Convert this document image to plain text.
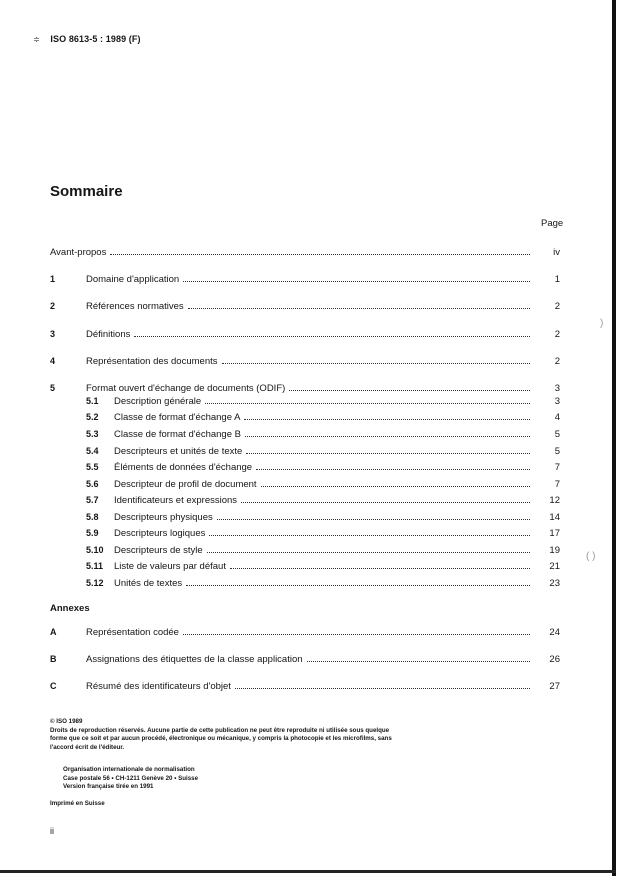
≑ ISO 8613-5 : 1989 (F)
Sommaire
Page
Avant-propos	iv
1	Domaine d'application	1
2	Références normatives	2
3	Définitions	2
4	Représentation des documents	2
5	Format ouvert d'échange de documents (ODIF)	3
5.1	Description générale	3
5.2	Classe de format d'échange A	4
5.3	Classe de format d'échange B	5
5.4	Descripteurs et unités de texte	5
5.5	Éléments de données d'échange	7
5.6	Descripteur de profil de document	7
5.7	Identificateurs et expressions	12
5.8	Descripteurs physiques	14
5.9	Descripteurs logiques	17
5.10	Descripteurs de style	19
5.11	Liste de valeurs par défaut	21
5.12	Unités de textes	23
A	Représentation codée	24
B	Assignations des étiquettes de la classe application	26
C	Résumé des identificateurs d'objet	27
Annexes

© ISO 1989

Droits de reproduction réservés. Aucune partie de cette publication ne peut être reproduite ni utilisée sous quelque forme que ce soit et par aucun procédé, électronique ou mécanique, y compris la photocopie et les microfilms, sans l'accord écrit de l'éditeur.

Organisation internationale de normalisation

Case postale 56 • CH-1211 Genève 20 • Suisse

Version française tirée en 1991

Imprimé en Suisse
ii
)
( )
